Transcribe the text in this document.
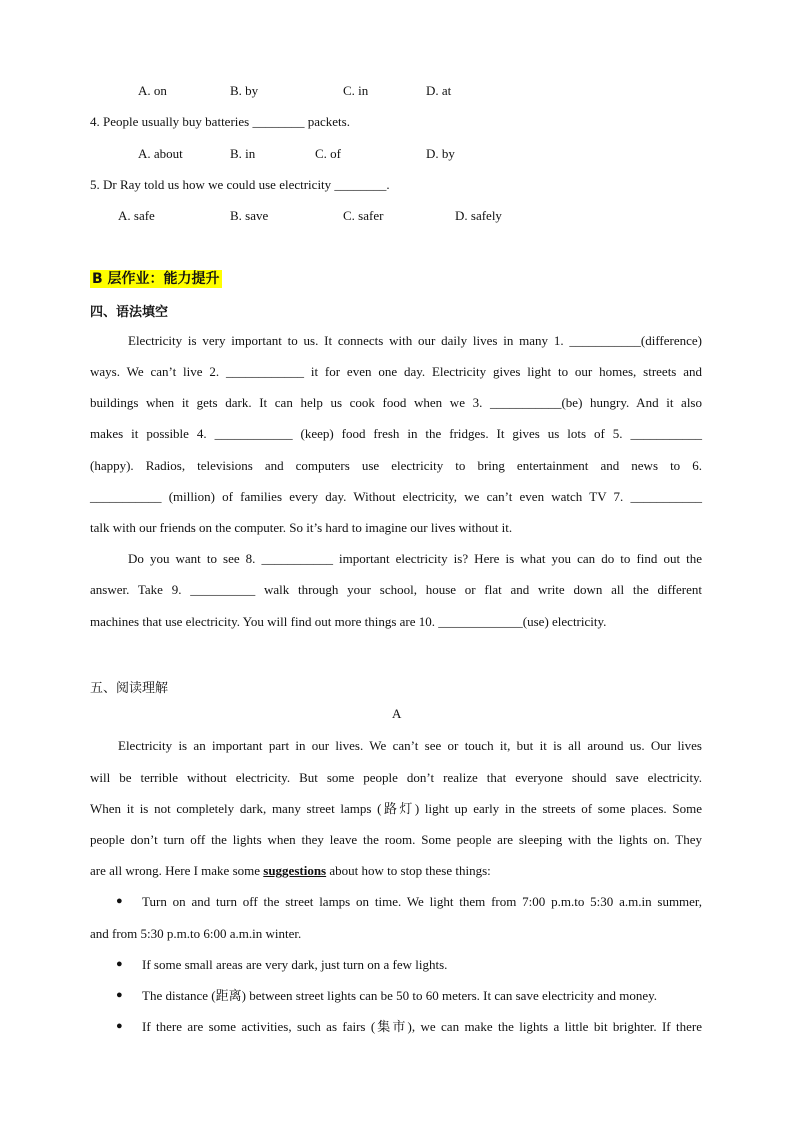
A. on	B. by	C. in	D. at
4. People usually buy batteries ________ packets.
A. about	B. in	C. of	D. by
5. Dr Ray told us how we could use electricity ________.
A. safe	B. save	C. safer	D. safely
B 层作业：能力提升
四、语法填空
Electricity is very important to us. It connects with our daily lives in many 1. ___________(difference)
ways. We can’t live 2. ____________ it for even one day. Electricity gives light to our homes, streets and
buildings when it gets dark. It can help us cook food when we 3. ___________(be) hungry. And it also
makes it possible 4. ____________ (keep) food fresh in the fridges. It gives us lots of 5. ___________
(happy). Radios, televisions and computers use electricity to bring entertainment and news to 6.
___________ (million) of families every day. Without electricity, we can’t even watch TV 7. ___________
talk with our friends on the computer. So it’s hard to imagine our lives without it.
Do you want to see 8. ___________ important electricity is? Here is what you can do to find out the
answer. Take 9. __________ walk through your school, house or flat and write down all the different
machines that use electricity. You will find out more things are 10. _____________(use) electricity.
五、阅读理解
A
Electricity is an important part in our lives. We can’t see or touch it, but it is all around us. Our lives
will be terrible without electricity. But some people don’t realize that everyone should save electricity.
When it is not completely dark, many street lamps (路灯) light up early in the streets of some places. Some
people don’t turn off the lights when they leave the room. Some people are sleeping with the lights on. They
are all wrong. Here I make some suggestions about how to stop these things:
● Turn on and turn off the street lamps on time. We light them from 7:00 p.m.to 5:30 a.m.in summer,
and from 5:30 p.m.to 6:00 a.m.in winter.
● If some small areas are very dark, just turn on a few lights.
● The distance (距离) between street lights can be 50 to 60 meters. It can save electricity and money.
● If there are some activities, such as fairs (集市), we can make the lights a little bit brighter. If there
